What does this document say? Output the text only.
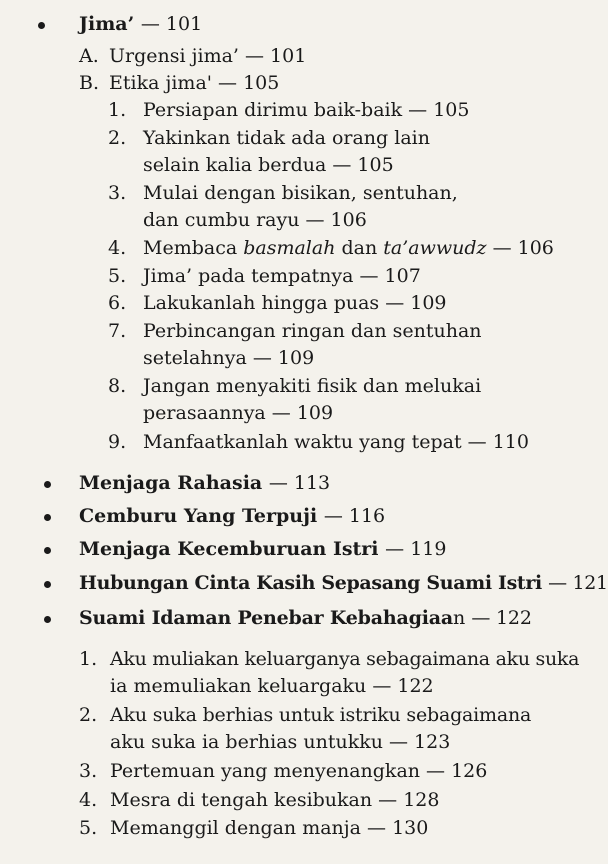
Jima’ — 101
A. Urgensi jima’ — 101
B. Etika jima' — 105
1. Persiapan dirimu baik-baik — 105
2. Yakinkan tidak ada orang lain
selain kalia berdua — 105
3. Mulai dengan bisikan, sentuhan,
dan cumbu rayu — 106
4. Membaca basmalah dan ta’awwudz — 106
5. Jima’ pada tempatnya — 107
6. Lakukanlah hingga puas — 109
7. Perbincangan ringan dan sentuhan
setelahnya — 109
8. Jangan menyakiti fisik dan melukai
perasaannya — 109
9. Manfaatkanlah waktu yang tepat — 110
Menjaga Rahasia — 113
Cemburu Yang Terpuji — 116
Menjaga Kecemburuan Istri — 119
Hubungan Cinta Kasih Sepasang Suami Istri — 121
Suami Idaman Penebar Kebahagiaan — 122
1. Aku muliakan keluarganya sebagaimana aku suka
ia memuliakan keluargaku — 122
2. Aku suka berhias untuk istriku sebagaimana
aku suka ia berhias untukku — 123
3. Pertemuan yang menyenangkan — 126
4. Mesra di tengah kesibukan — 128
5. Memanggil dengan manja — 130
